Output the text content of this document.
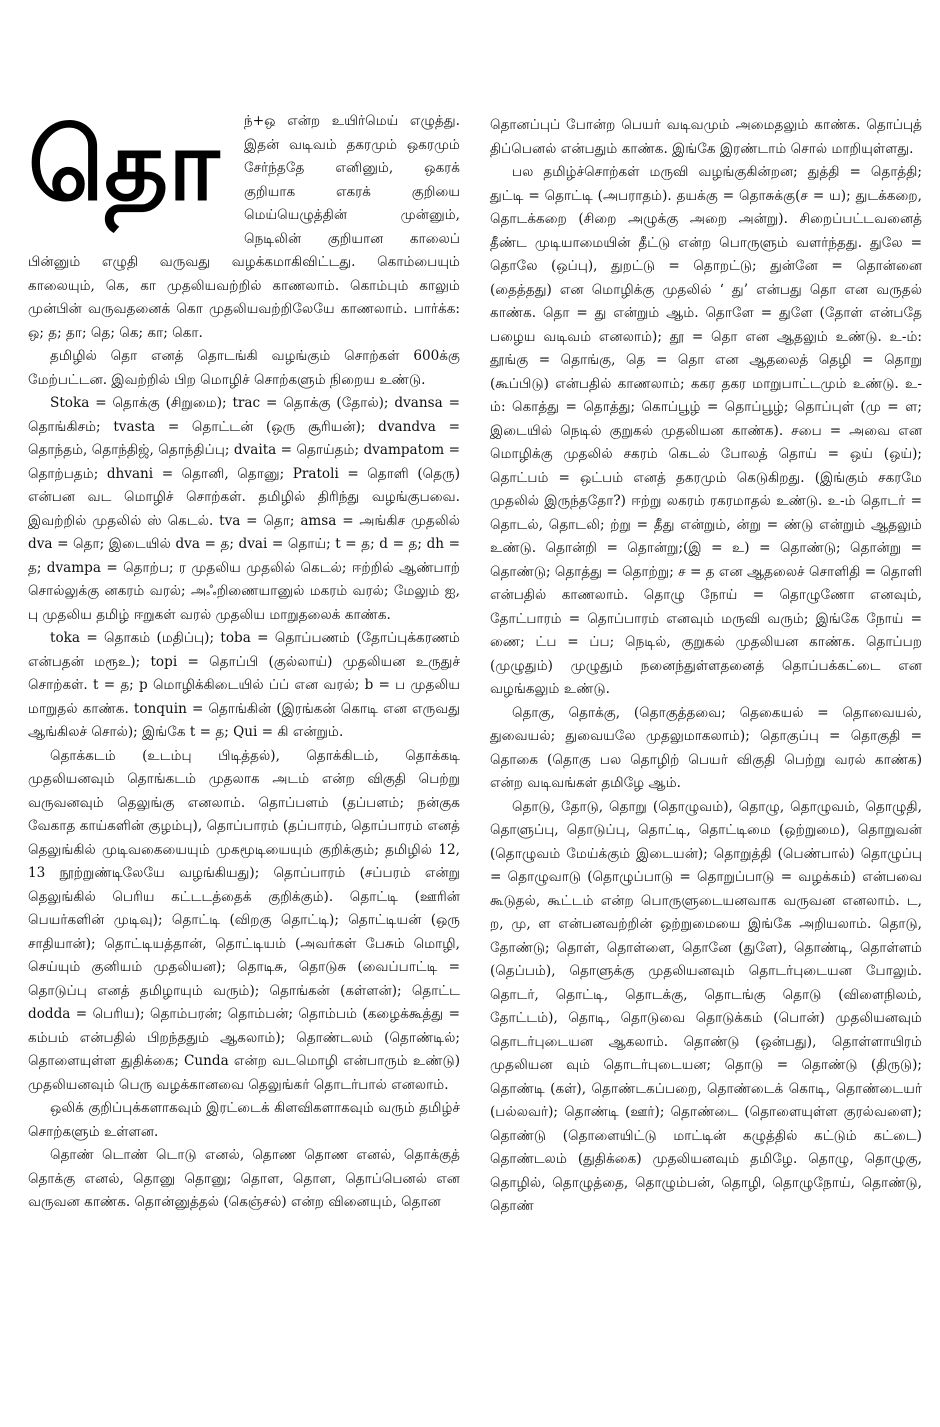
தொ	ந்+ஒ என்ற உயிர்மெய் எழுத்து. இதன் வடிவம் தகரமும் ஒகரமும் சேர்ந்ததே எனினும், ஒகரக் குறியாக எகரக் குறியை மெய்யெழுத்தின் முன்னும், நெடிலின் குறியான காலைப் பின்னும் எழுதி வருவது வழக்கமாகிவிட்டது. கொம்பையும் காலையும், கெ, கா முதலியவற்றில் காணலாம். கொம்பும் காலும் முன்பின் வருவதனைக் கொ முதலியவற்றிலேயே காணலாம். பார்க்க: ஒ; த; தா; தெ; கெ; கா; கொ.

தமிழில் தொ எனத் தொடங்கி வழங்கும் சொற்கள் 600க்கு மேற்பட்டன. இவற்றில் பிற மொழிச் சொற்களும் நிறைய உண்டு.

Stoka = தொக்கு (சிறுமை); trac = தொக்கு (தோல்); dvansa = தொங்கிசம்; tvasta = தொட்டன் (ஒரு சூரியன்); dvandva = தொந்தம், தொந்திஜ், தொந்திப்பு; dvaita = தொய்தம்; dvampatom = தொற்பதம்; dhvani = தொனி, தொனு; Pratoli = தொளி (தெரு) என்பன வட மொழிச் சொற்கள். தமிழில் திரிந்து வழங்குபவை. இவற்றில் முதலில் ஸ் கெடல். tva = தொ; amsa = அங்கிச முதலில் dva = தொ; இடையில் dva = த; dvai = தொய்; t = த; d = த; dh = த; dvampa = தொற்ப; ர முதலிய முதலில் கெடல்; ஈற்றில் ஆண்பாற் சொல்லுக்கு னகரம் வரல்; அஃறிணையானுல் மகரம் வரல்; மேலும் ஐ, பு முதலிய தமிழ் ஈறுகள் வரல் முதலிய மாறுதலைக் காண்க.

toka = தொகம் (மதிப்பு); toba = தொப்பணம் (தோப்புக்கரணம் என்பதன் மரூஉ); topi = தொப்பி (குல்லாய்) முதலியன உருதுச் சொற்கள். t = த; p மொழிக்கிடையில் ப்ப் என வரல்; b = ப முதலிய மாறுதல் காண்க. tonquin = தொங்கின் (இரங்கன் கொடி என எருவது ஆங்கிலச் சொல்); இங்கே t = த; Qui = கி என்றும்.

தொக்கடம் (உடம்பு பிடித்தல்), தொக்கிடம், தொக்கடி முதலியனவும் தொங்கடம் முதலாக அடம் என்ற விகுதி பெற்று வருவனவும் தெலுங்கு எனலாம். தொப்பளம் (தப்பளம்; நன்குக வேகாத காய்களின் குழம்பு), தொப்பாரம் (தப்பாரம், தொப்பாரம் எனத் தெலுங்கில் முடிவகையையும் முகமூடியையும் குறிக்கும்; தமிழில் 12, 13 நூற்றுண்டிலேயே வழங்கியது); தொப்பாரம் (சப்பரம் என்று தெலுங்கில் பெரிய கட்டடத்தைக் குறிக்கும்). தொட்டி (ஊரின் பெயர்களின் முடிவு); தொட்டி (விறகு தொட்டி); தொட்டியன் (ஒரு சாதியான்); தொட்டியத்தான், தொட்டியம் (அவர்கள் பேசும் மொழி, செய்யும் குனியம் முதலியன); தொடிசு, தொடுசு (வைப்பாட்டி = தொடுப்பு எனத் தமிழாயும் வரும்); தொங்கன் (கள்ளன்); தொட்ட dodda = பெரிய); தொம்பரன்; தொம்பன்; தொம்பம் (கழைக்கூத்து = கம்பம் என்பதில் பிறந்ததும் ஆகலாம்); தொண்டலம் (தொண்டில்; தொளையுள்ள துதிக்கை; Cunda என்ற வடமொழி என்பாரும் உண்டு) முதலியனவும் பெரு வழக்கானவை தெலுங்கர் தொடர்பால் எனலாம்.

ஒலிக் குறிப்புக்களாகவும் இரட்டைக் கிளவிகளாகவும் வரும் தமிழ்ச் சொற்களும் உள்ளன.

தொண் டொண் டொடு எனல், தொண தொண எனல், தொக்குத் தொக்கு எனல், தொனு தொனு; தொள, தொள, தொப்பெனல் என வருவன காண்க. தொன்னுத்தல் (கெஞ்சல்) என்ற வினையும், தொன

தொனப்புப் போன்ற பெயர் வடிவமும் அமைதலும் காண்க. தொப்புத் திப்பெனல் என்பதும் காண்க. இங்கே இரண்டாம் சொல் மாறியுள்ளது.

பல தமிழ்ச்சொற்கள் மருவி வழங்குகின்றன; துத்தி = தொத்தி; துட்டி = தொட்டி (அபராதம்). தயக்கு = தொசுக்கு(ச = ய); துடக்கறை, தொடக்கறை (சிறை அழுக்கு அறை அன்று). சிறைப்பட்டவனைத் தீண்ட முடியாமையின் தீட்டு என்ற பொருளும் வளர்ந்தது. துலே = தொலே (ஒப்பு), துறட்டு = தொறட்டு; துன்னே = தொன்னை (தைத்தது) என மொழிக்கு முதலில் ‘ து’ என்பது தொ என வருதல் காண்க. தொ = து என்றும் ஆம். தொளே = துளே (தோள் என்பதே பழைய வடிவம் எனலாம்); தூ = தொ என ஆதலும் உண்டு. உ-ம்: தூங்கு = தொங்கு, தெ = தொ என ஆதலைத் தெழி = தொறு (கூப்பிடு) என்பதில் காணலாம்; ககர தகர மாறுபாட்டமும் உண்டு. உ-ம்: கொத்து = தொத்து; கொப்பூழ் = தொப்பூழ்; தொப்புள் (மு = ள; இடையில் நெடில் குறுகல் முதலியன காண்க). சபை = அவை என மொழிக்கு முதலில் சகரம் கெடல் போலத் தொய் = ஒய் (ஒய்); தொட்பம் = ஒட்பம் எனத் தகரமும் கெடுகிறது. (இங்கும் சகரமே முதலில் இருந்ததோ?) ஈற்று லகரம் ரகரமாதல் உண்டு. உ-ம் தொடர் = தொடல், தொடலி; ற்று = தீது என்றும், ன்று = ண்டு என்றும் ஆதலும் உண்டு. தொன்றி = தொன்று;(இ = உ) = தொண்டு; தொன்று = தொண்டு; தொத்து = தொற்று; ச = த என ஆதலைச் சொளிதி = தொளி என்பதில் காணலாம். தொழு நோய் = தொழுணோ எனவும், தோட்பாரம் = தொப்பாரம் எனவும் மருவி வரும்; இங்கே நோய் = ணை; ட்ப = ப்ப; நெடில், குறுகல் முதலியன காண்க. தொப்பற (முழுதும்) முழுதும் நனைந்துள்ளதனைத் தொப்பக்கட்டை என வழங்கலும் உண்டு.

தொகு, தொக்கு, (தொகுத்தவை; தெகையல் = தொவையல், துவையல்; துவையலே முதலுமாகலாம்); தொகுப்பு = தொகுதி = தொகை (தொகு பல தொழிற் பெயர் விகுதி பெற்று வரல் காண்க) என்ற வடிவங்கள் தமிழே ஆம்.

தொடு, தோடு, தொறு (தொழுவம்), தொழு, தொழுவம், தொழுதி, தொளுப்பு, தொடுப்பு, தொட்டி, தொட்டிமை (ஒற்றுமை), தொறுவன் (தொழுவம் மேய்க்கும் இடையன்); தொறுத்தி (பெண்பால்) தொழுப்பு = தொழுவாடு (தொழுப்பாடு = தொறுப்பாடு = வழக்கம்) என்பவை கூடுதல், கூட்டம் என்ற பொருளுடையனவாக வருவன எனலாம். ட, ற, மு, ள என்பனவற்றின் ஒற்றுமையை இங்கே அறியலாம். தொடு, தோண்டு; தொள், தொள்ளை, தொனே (துளே), தொண்டி, தொள்ளம் (தெப்பம்), தொளுக்கு முதலியனவும் தொடர்புடையன போலும். தொடர், தொட்டி, தொடக்கு, தொடங்கு தொடு (விளைநிலம், தோட்டம்), தொடி, தொடுவை தொடுக்கம் (பொன்) முதலியனவும் தொடர்புடையன ஆகலாம். தொண்டு (ஒன்பது), தொள்ளாயிரம் முதலியன வும் தொடர்புடையன; தொடு = தொண்டு (திருடு); தொண்டி (கள்), தொண்டகப்பறை, தொண்டைக் கொடி, தொண்டையர் (பல்லவர்); தொண்டி (ஊர்); தொண்டை (தொளையுள்ள குரல்வளை); தொண்டு (தொளையிட்டு மாட்டின் கழுத்தில் கட்டும் கட்டை) தொண்டலம் (துதிக்கை) முதலியனவும் தமிழே. தொழு, தொழுகு, தொழில், தொழுத்தை, தொழும்பன், தொழி, தொழுநோய், தொண்டு, தொண்
